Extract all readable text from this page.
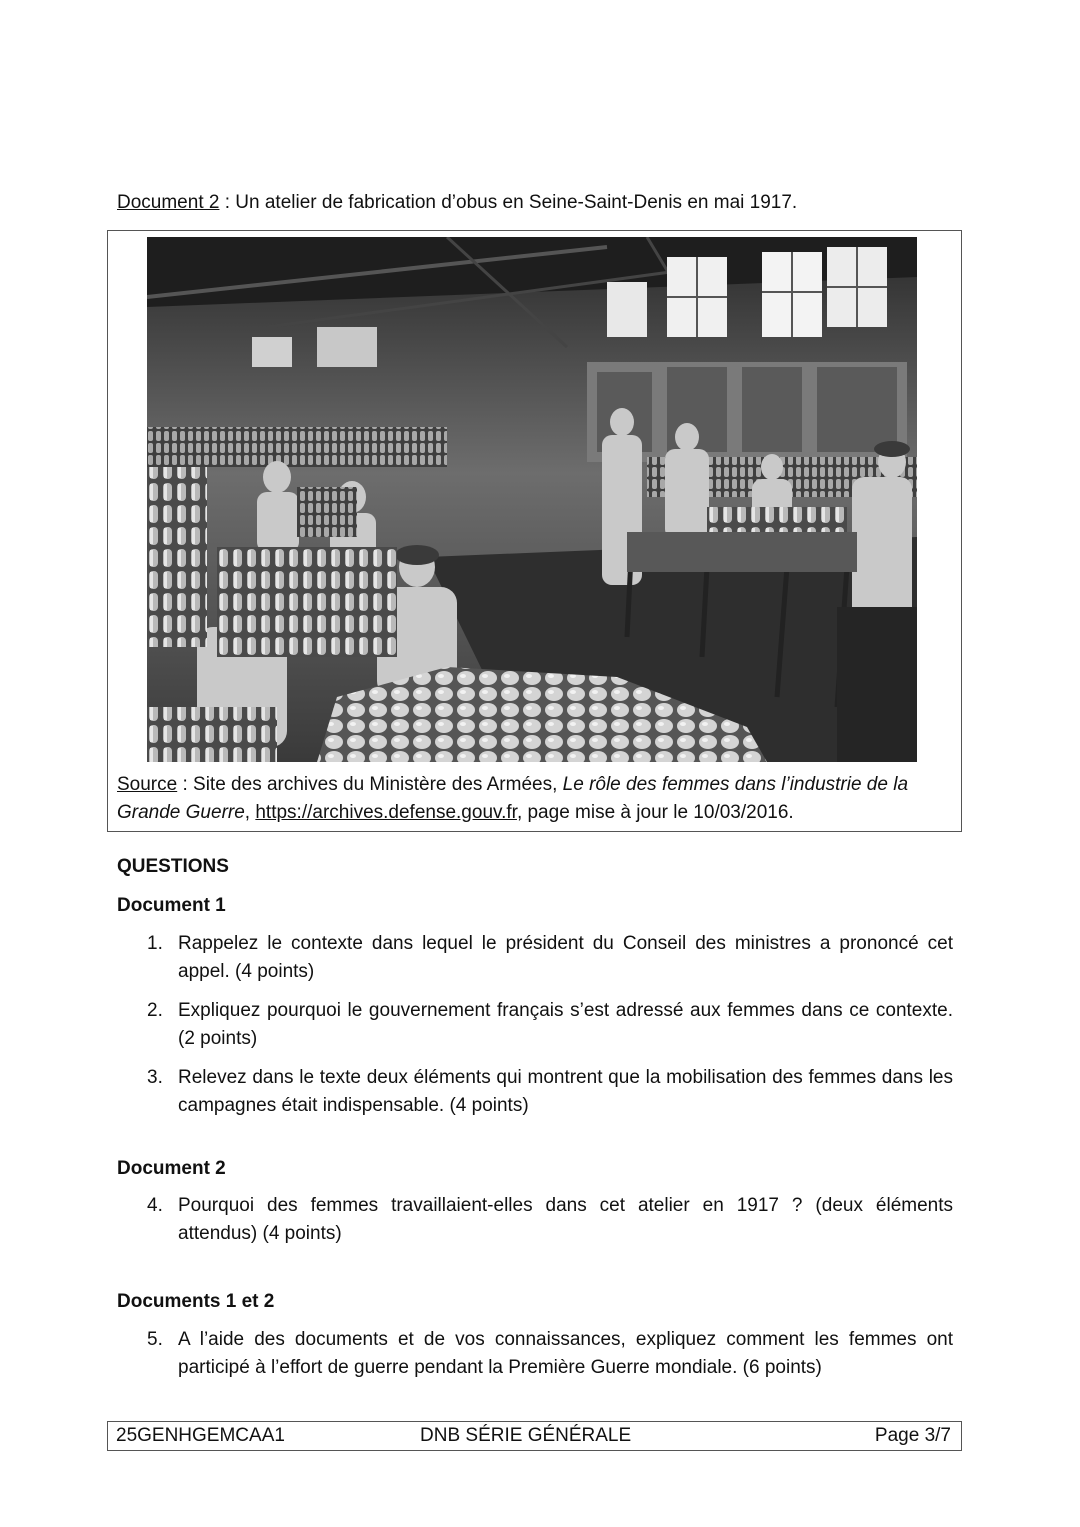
Document 2 : Un atelier de fabrication d’obus en Seine-Saint-Denis en mai 1917.
Source : Site des archives du Ministère des Armées, Le rôle des femmes dans l’industrie de la Grande Guerre, https://archives.defense.gouv.fr, page mise à jour le 10/03/2016.
QUESTIONS
Document 1
1. Rappelez le contexte dans lequel le président du Conseil des ministres a prononcé cet appel. (4 points)
2. Expliquez pourquoi le gouvernement français s’est adressé aux femmes dans ce contexte. (2 points)
3. Relevez dans le texte deux éléments qui montrent que la mobilisation des femmes dans les campagnes était indispensable. (4 points)
Document 2
4. Pourquoi des femmes travaillaient-elles dans cet atelier en 1917 ? (deux éléments attendus) (4 points)
Documents 1 et 2
5. A l’aide des documents et de vos connaissances, expliquez comment les femmes ont participé à l’effort de guerre pendant la Première Guerre mondiale. (6 points)
25GENHGEMCAA1	DNB SÉRIE GÉNÉRALE	Page 3/7
